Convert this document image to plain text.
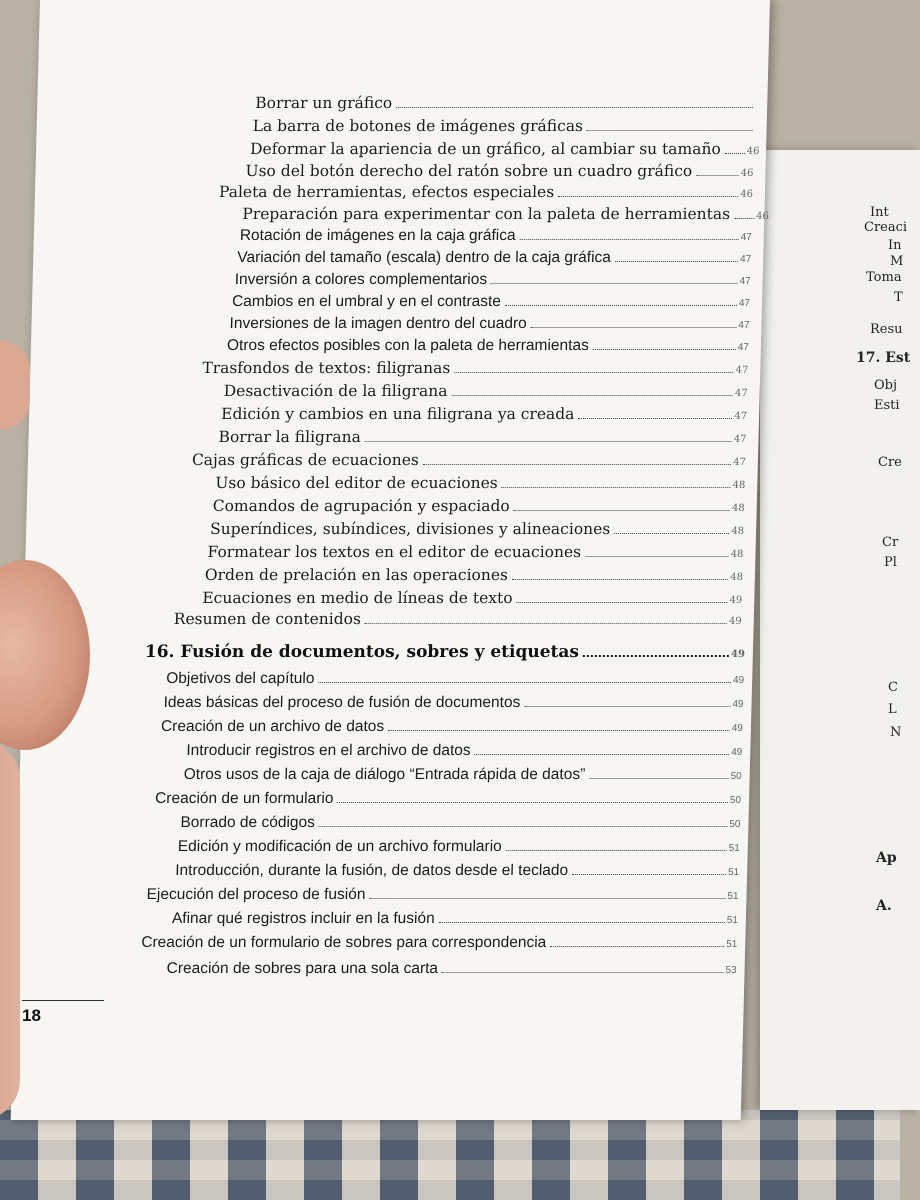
Int
Creaci
In
M
Toma
T
Resu
17. Est
Obj
Esti
Cre
Cr
Pl
C
L
N
Ap
A.
Borrar un gráfico
La barra de botones de imágenes gráficas
Deformar la apariencia de un gráfico, al cambiar su tamaño	46
Uso del botón derecho del ratón sobre un cuadro gráfico	46
Paleta de herramientas, efectos especiales	46
Preparación para experimentar con la paleta de herramientas	46
Rotación de imágenes en la caja gráfica	47
Variación del tamaño (escala) dentro de la caja gráfica	47
Inversión a colores complementarios	47
Cambios en el umbral y en el contraste	47
Inversiones de la imagen dentro del cuadro	47
Otros efectos posibles con la paleta de herramientas	47
Trasfondos de textos: filigranas	47
Desactivación de la filigrana	47
Edición y cambios en una filigrana ya creada	47
Borrar la filigrana	47
Cajas gráficas de ecuaciones	47
Uso básico del editor de ecuaciones	48
Comandos de agrupación y espaciado	48
Superíndices, subíndices, divisiones y alineaciones	48
Formatear los textos en el editor de ecuaciones	48
Orden de prelación en las operaciones	48
Ecuaciones en medio de líneas de texto	49
Resumen de contenidos	49
16. Fusión de documentos, sobres y etiquetas	49
Objetivos del capítulo	49
Ideas básicas del proceso de fusión de documentos	49
Creación de un archivo de datos	49
Introducir registros en el archivo de datos	49
Otros usos de la caja de diálogo “Entrada rápida de datos”	50
Creación de un formulario	50
Borrado de códigos	50
Edición y modificación de un archivo formulario	51
Introducción, durante la fusión, de datos desde el teclado	51
Ejecución del proceso de fusión	51
Afinar qué registros incluir en la fusión	51
Creación de un formulario de sobres para correspondencia	51
Creación de sobres para una sola carta	53
18
